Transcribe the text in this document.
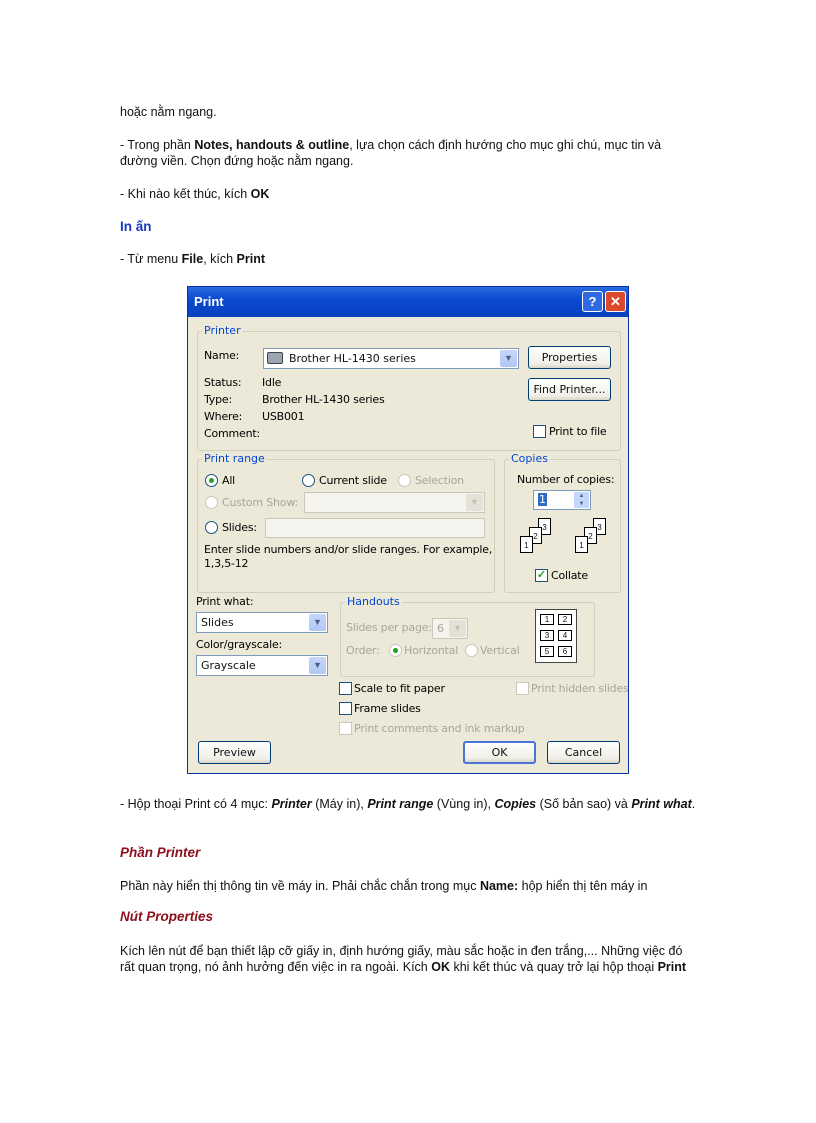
hoặc nằm ngang.

- Trong phần Notes, handouts & outline, lựa chọn cách định hướng cho mục ghi chú, mục tin và đường viền. Chọn đứng hoặc nằm ngang.

- Khi nào kết thúc, kích OK

In ấn

- Từ menu File, kích Print

Print	?	✕
Printer
Name:	Brother HL-1430 series	▼
Status: Idle
Type:	Brother HL-1430 series
Where: USB001
Comment:
Properties
Find Printer...
Print to file
Print range
All	Current slide	Selection
Custom Show:	▼
Slides:
Enter slide numbers and/or slide ranges. For example,
1,3,5-12
Copies
Number of copies:
1	▲
▼
3
2
1
3
2
1
✓ Collate
Print what:
Slides	▼
Color/grayscale:
Grayscale	▼
Handouts
Slides per page: 6	▼
Order: Horizontal Vertical
1	2
3	4
5	6
Scale to fit paper
Frame slides
Print comments and ink markup
Print hidden slides
Preview	OK	Cancel

- Hộp thoại Print có 4 mục: Printer (Máy in), Print range (Vùng in), Copies (Số bản sao) và Print what.

Phần Printer

Phần này hiển thị thông tin về máy in. Phải chắc chắn trong mục Name: hộp hiển thị tên máy in

Nút Properties

Kích lên nút để bạn thiết lập cỡ giấy in, định hướng giấy, màu sắc hoặc in đen trắng,... Những việc đó rất quan trọng, nó ảnh hưởng đến việc in ra ngoài. Kích OK khi kết thúc và quay trở lại hộp thoại Print
